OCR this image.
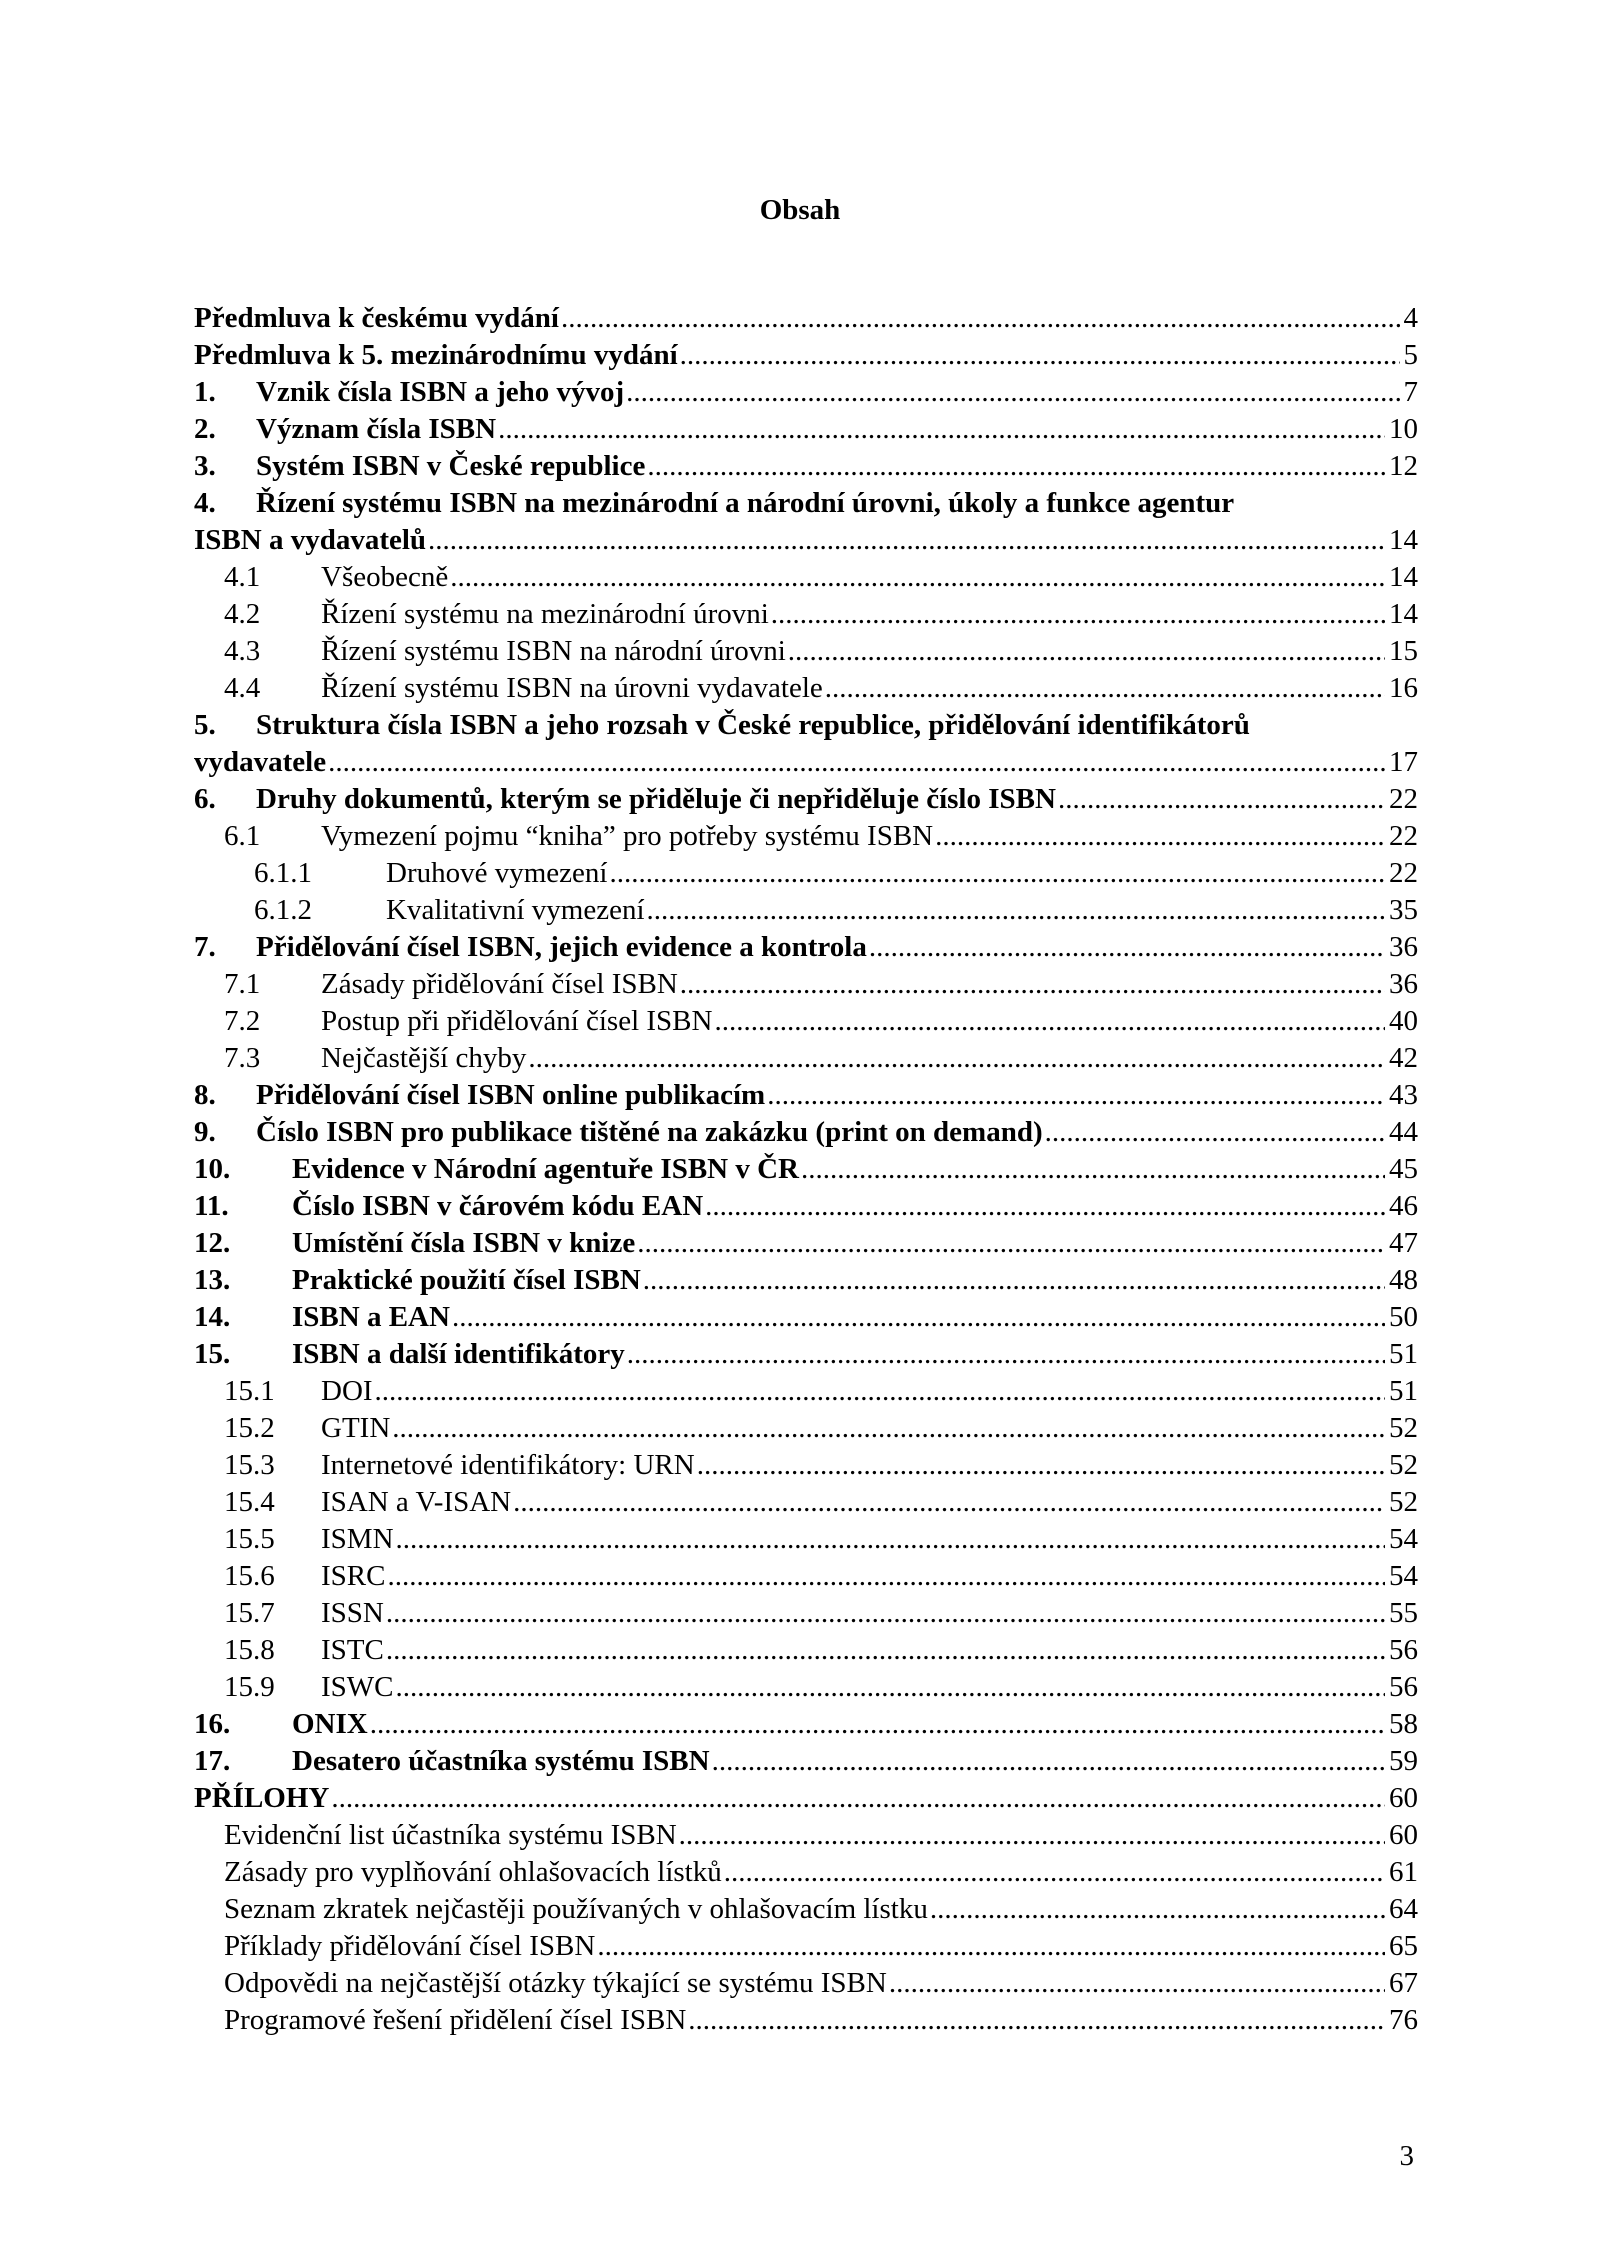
Obsah
Předmluva k českému vydání .....	4
Předmluva k 5. mezinárodnímu vydání .....	5
1.	Vznik čísla ISBN a jeho vývoj .....	7
2.	Význam čísla ISBN .....	10
3.	Systém ISBN v České republice .....	12
4. Řízení systému ISBN na mezinárodní a národní úrovni, úkoly a funkce agentur
ISBN a vydavatelů .....	14
4.1	Všeobecně .....	14
4.2	Řízení systému na mezinárodní úrovni .....	14
4.3	Řízení systému ISBN na národní úrovni .....	15
4.4	Řízení systému ISBN na úrovni vydavatele .....	16
5. Struktura čísla ISBN a jeho rozsah v České republice, přidělování identifikátorů
vydavatele .....	17
6.	Druhy dokumentů, kterým se přiděluje či nepřiděluje číslo ISBN .....	22
6.1	Vymezení pojmu “kniha” pro potřeby systému ISBN .....	22
6.1.1	Druhové vymezení .....	22
6.1.2	Kvalitativní vymezení .....	35
7.	Přidělování čísel ISBN, jejich evidence a kontrola .....	36
7.1	Zásady přidělování čísel ISBN .....	36
7.2	Postup při přidělování čísel ISBN .....	40
7.3	Nejčastější chyby .....	42
8.	Přidělování čísel ISBN online publikacím .....	43
9.	Číslo ISBN pro publikace tištěné na zakázku (print on demand) .....	44
10.	Evidence v Národní agentuře ISBN v ČR .....	45
11.	Číslo ISBN v čárovém kódu EAN .....	46
12.	Umístění čísla ISBN v knize .....	47
13.	Praktické použití čísel ISBN .....	48
14.	ISBN a EAN .....	50
15.	ISBN a další identifikátory .....	51
15.1	DOI .....	51
15.2	GTIN .....	52
15.3	Internetové identifikátory: URN .....	52
15.4	ISAN a V-ISAN .....	52
15.5	ISMN .....	54
15.6	ISRC .....	54
15.7	ISSN .....	55
15.8	ISTC .....	56
15.9	ISWC .....	56
16.	ONIX .....	58
17.	Desatero účastníka systému ISBN .....	59
PŘÍLOHY .....	60
Evidenční list účastníka systému ISBN .....	60
Zásady pro vyplňování ohlašovacích lístků .....	61
Seznam zkratek nejčastěji používaných v ohlašovacím lístku .....	64
Příklady přidělování čísel ISBN .....	65
Odpovědi na nejčastější otázky týkající se systému ISBN .....	67
Programové řešení přidělení čísel ISBN .....	76
3
